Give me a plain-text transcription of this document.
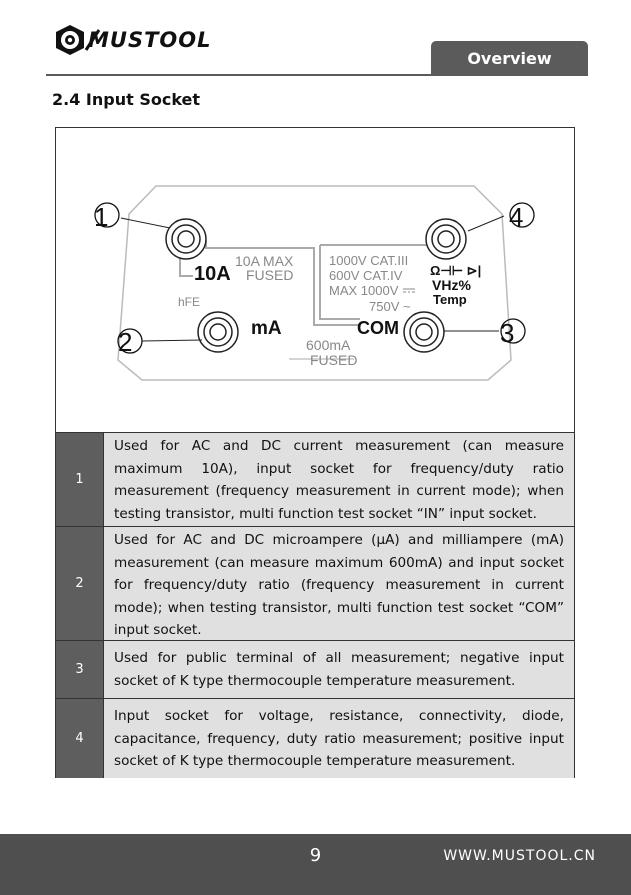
MUSTOOL
Overview
2.4 Input Socket
1
2	3
4
10A
10A MAX
FUSED
hFE
mA
600mA
FUSED
COM
1000V CAT.III
600V CAT.IV
MAX 1000V
750V ~
Ω⊣⊢ ⊳|
VHz%
Temp
1
Used for AC and DC current measurement (can measure maximum 10A), input socket for frequency/duty ratio measurement (frequency measurement in current mode); when testing transistor, multi function test socket “IN” input socket.
2
Used for AC and DC microampere (µA) and milliampere (mA) measurement (can measure maximum 600mA) and input socket for frequency/duty ratio (frequency measurement in current mode); when testing transistor, multi function test socket “COM” input socket.
3
Used for public terminal of all measurement; negative input socket of K type thermocouple temperature measurement.
4
Input socket for voltage, resistance, connectivity, diode, capacitance, frequency, duty ratio measurement; positive input socket of K type thermocouple temperature measurement.
9	WWW.MUSTOOL.CN
